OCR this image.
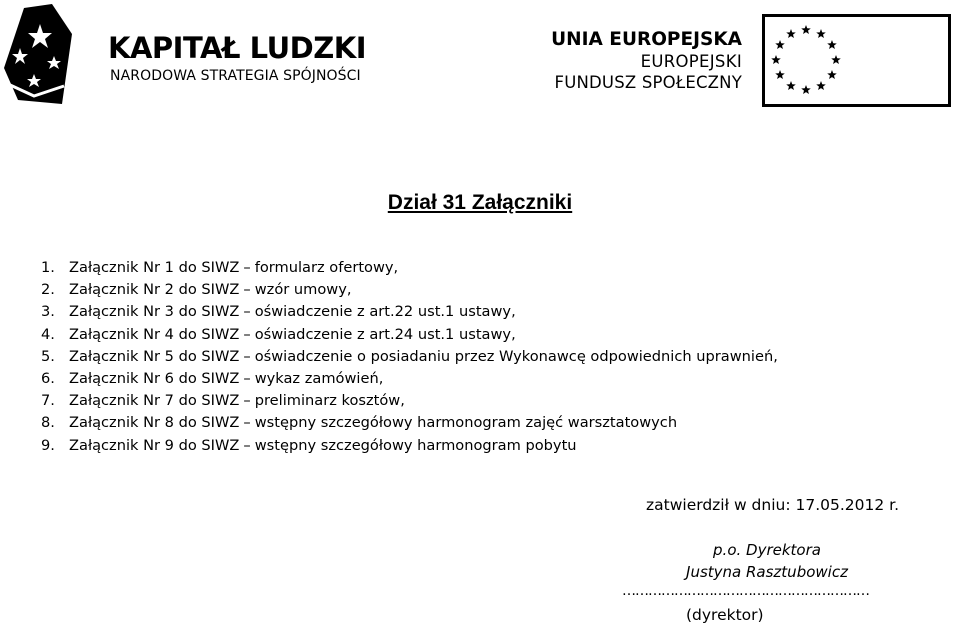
KAPITAŁ LUDZKI
NARODOWA STRATEGIA SPÓJNOŚCI
UNIA EUROPEJSKA
EUROPEJSKI
FUNDUSZ SPOŁECZNY
Dział 31 Załączniki
1. Załącznik Nr 1 do SIWZ – formularz ofertowy,
2. Załącznik Nr 2 do SIWZ – wzór umowy,
3. Załącznik Nr 3 do SIWZ – oświadczenie z art.22 ust.1 ustawy,
4. Załącznik Nr 4 do SIWZ – oświadczenie z art.24 ust.1 ustawy,
5. Załącznik Nr 5 do SIWZ – oświadczenie o posiadaniu przez Wykonawcę odpowiednich uprawnień,
6. Załącznik Nr 6 do SIWZ – wykaz zamówień,
7. Załącznik Nr 7 do SIWZ – preliminarz kosztów,
8. Załącznik Nr 8 do SIWZ – wstępny szczegółowy harmonogram zajęć warsztatowych
9. Załącznik Nr 9 do SIWZ – wstępny szczegółowy harmonogram pobytu
zatwierdził w dniu: 17.05.2012 r.
p.o. Dyrektora
Justyna Rasztubowicz
…………………………………………………
(dyrektor)
